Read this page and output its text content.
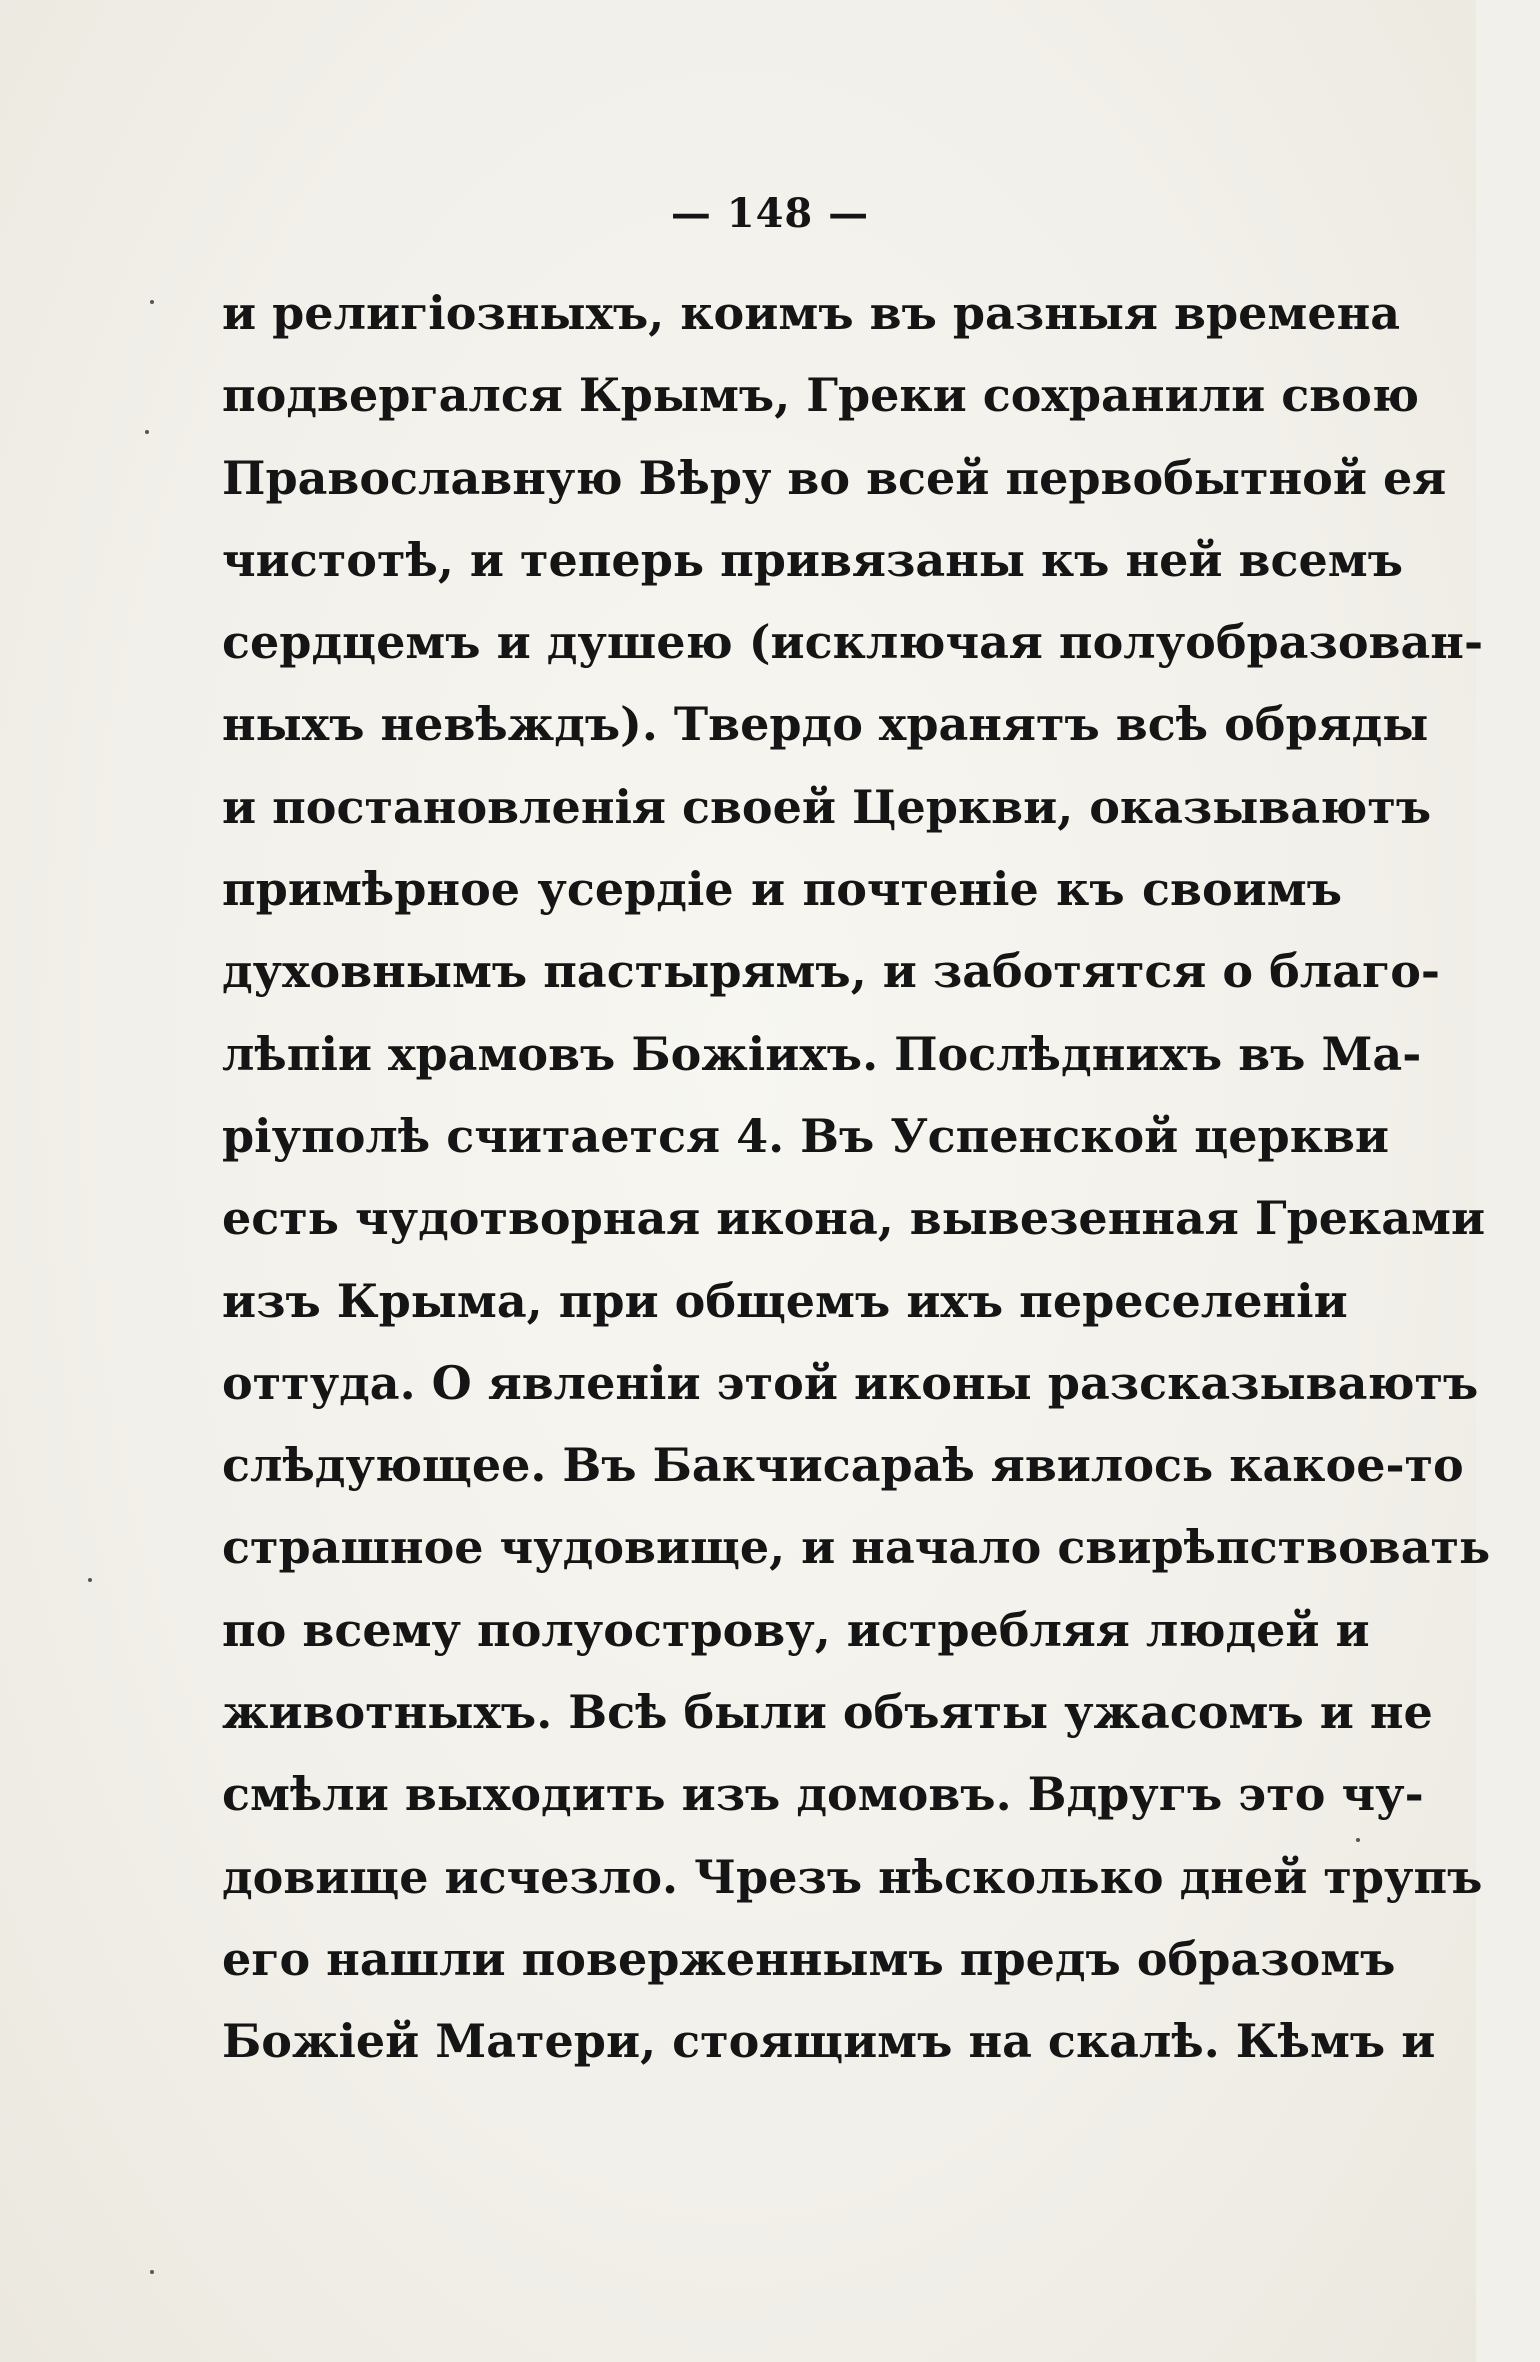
— 148 —
и религіозныхъ, коимъ въ разныя времена
подвергался Крымъ, Греки сохранили свою
Православную Вѣру во всей первобытной ея
чистотѣ, и теперь привязаны къ ней всемъ
сердцемъ и душею (исключая полуобразован-
ныхъ невѣждъ). Твердо хранятъ всѣ обряды
и постановленія своей Церкви, оказываютъ
примѣрное усердіе и почтеніе къ своимъ
духовнымъ пастырямъ, и заботятся о благо-
лѣпіи храмовъ Божіихъ. Послѣднихъ въ Ма-
ріуполѣ считается 4. Въ Успенской церкви
есть чудотворная икона, вывезенная Греками
изъ Крыма, при общемъ ихъ переселеніи
оттуда. О явленіи этой иконы разсказываютъ
слѣдующее. Въ Бакчисараѣ явилось какое-то
страшное чудовище, и начало свирѣпствовать
по всему полуострову, истребляя людей и
животныхъ. Всѣ были объяты ужасомъ и не
смѣли выходить изъ домовъ. Вдругъ это чу-
довище исчезло. Чрезъ нѣсколько дней трупъ
его нашли поверженнымъ предъ образомъ
Божіей Матери, стоящимъ на скалѣ. Кѣмъ и
